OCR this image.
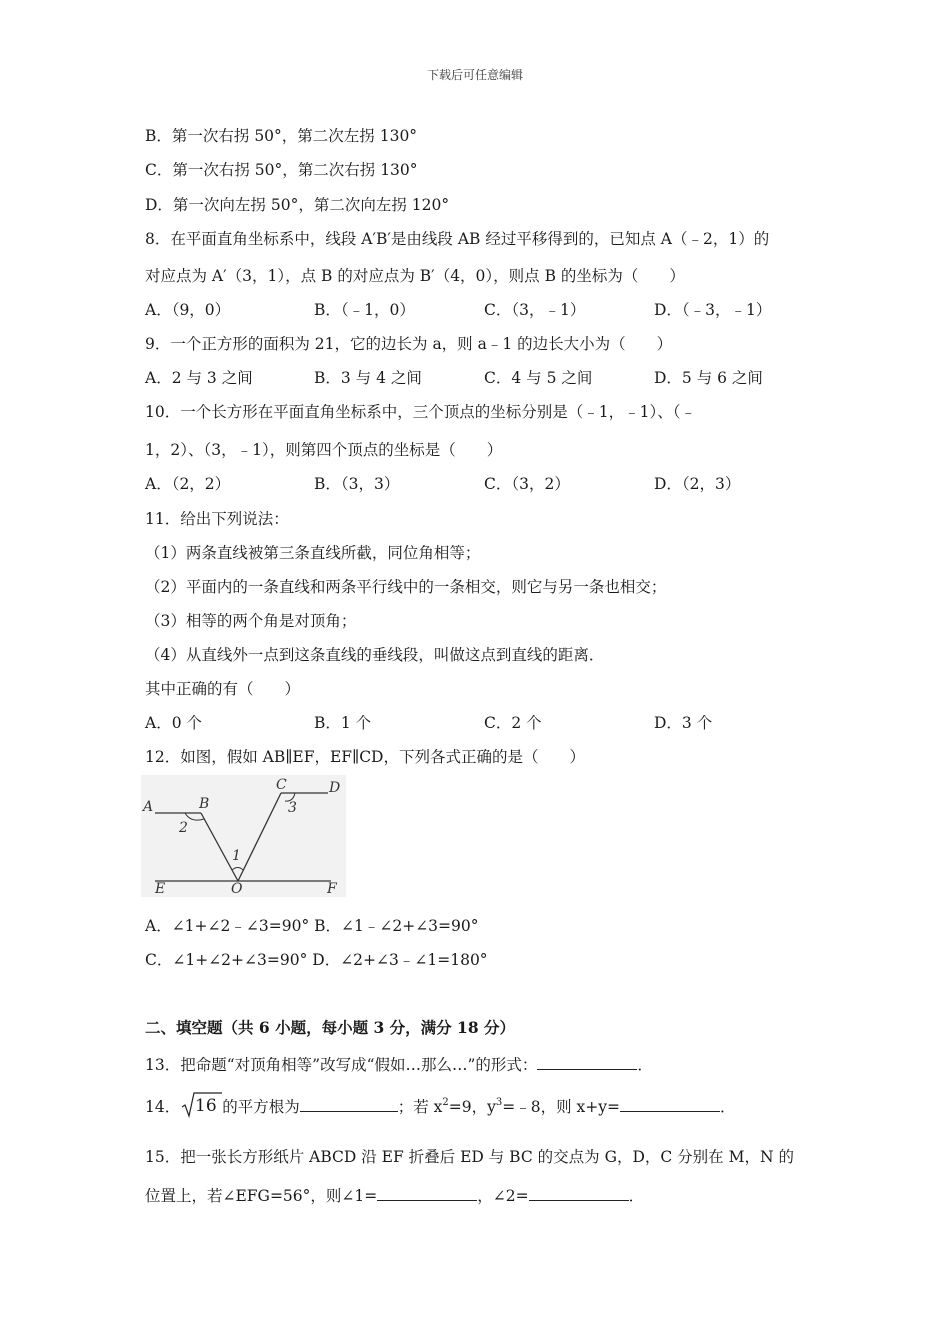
下载后可任意编辑
B．第一次右拐 50°，第二次左拐 130°
C．第一次右拐 50°，第二次右拐 130°
D．第一次向左拐 50°，第二次向左拐 120°
8．在平面直角坐标系中，线段 A′B′是由线段 AB 经过平移得到的，已知点 A（﹣2，1）的
对应点为 A′（3，1），点 B 的对应点为 B′（4，0），则点 B 的坐标为（　　）
A．（9，0）	B．（﹣1，0）	C．（3，﹣1）	D．（﹣3，﹣1）
9．一个正方形的面积为 21，它的边长为 a，则 a﹣1 的边长大小为（　　）
A．2 与 3 之间	B．3 与 4 之间	C．4 与 5 之间	D．5 与 6 之间
10．一个长方形在平面直角坐标系中，三个顶点的坐标分别是（﹣1，﹣1）、（﹣
1，2）、（3，﹣1），则第四个顶点的坐标是（　　）
A．（2，2）	B．（3，3）	C．（3，2）	D．（2，3）
11．给出下列说法：
（1）两条直线被第三条直线所截，同位角相等；
（2）平面内的一条直线和两条平行线中的一条相交，则它与另一条也相交；
（3）相等的两个角是对顶角；
（4）从直线外一点到这条直线的垂线段，叫做这点到直线的距离．
其中正确的有（　　）
A．0 个	B．1 个	C．2 个	D．3 个
12．如图，假如 AB∥EF，EF∥CD，下列各式正确的是（　　）
A	B
C	D
E	O	F
1
2
3
A．∠1+∠2﹣∠3=90° B．∠1﹣∠2+∠3=90°
C．∠1+∠2+∠3=90° D．∠2+∠3﹣∠1=180°
二、填空题（共 6 小题，每小题 3 分，满分 18 分）
13．把命题“对顶角相等”改写成“假如…那么…”的形式：	．
14． 16 的平方根为	；若 $x^2=9$，$y^3=﹣8$，则 x+y=	．
15．把一张长方形纸片 ABCD 沿 EF 折叠后 ED 与 BC 的交点为 G，D，C 分别在 M，N 的
位置上，若∠EFG=56°，则∠1=	，∠2=	．
